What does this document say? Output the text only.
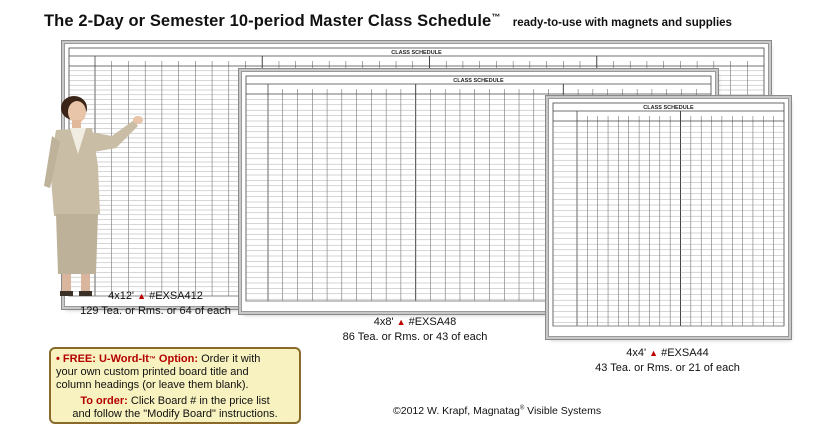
The 2-Day or Semester 10-period Master Class Schedule™ ready-to-use with magnets and supplies
CLASS SCHEDULE
CLASS SCHEDULE
CLASS SCHEDULE
4x12' ▲ #EXSA412
129 Tea. or Rms. or 64 of each
4x8' ▲ #EXSA48
86 Tea. or Rms. or 43 of each
4x4' ▲ #EXSA44
43 Tea. or Rms. or 21 of each
• FREE: U-Word-It™ Option: Order it with
your own custom printed board title and
column headings (or leave them blank).
To order: Click Board # in the price list
and follow the "Modify Board" instructions.	©2012 W. Krapf, Magnatag® Visible Systems
